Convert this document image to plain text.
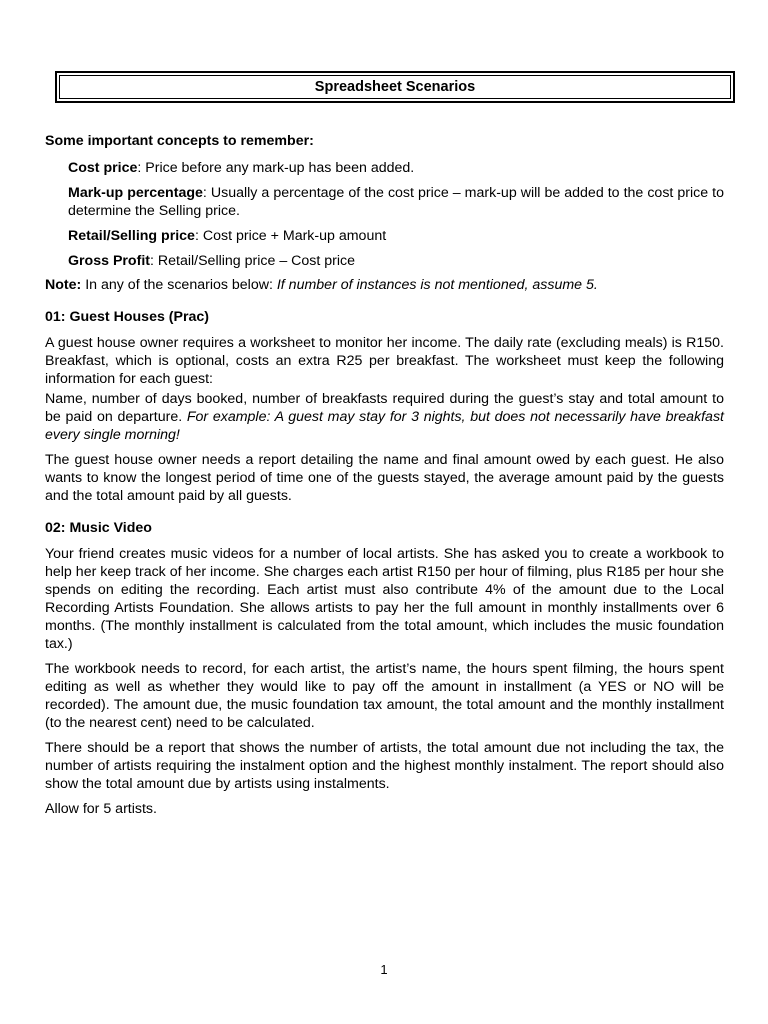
Spreadsheet Scenarios

Some important concepts to remember:

Cost price: Price before any mark-up has been added.

Mark-up percentage: Usually a percentage of the cost price – mark-up will be added to the cost price to determine the Selling price.

Retail/Selling price: Cost price + Mark-up amount

Gross Profit: Retail/Selling price – Cost price

Note: In any of the scenarios below: If number of instances is not mentioned, assume 5.

01: Guest Houses (Prac)

A guest house owner requires a worksheet to monitor her income. The daily rate (excluding meals) is R150. Breakfast, which is optional, costs an extra R25 per breakfast. The worksheet must keep the following information for each guest:

Name, number of days booked, number of breakfasts required during the guest’s stay and total amount to be paid on departure. For example: A guest may stay for 3 nights, but does not necessarily have breakfast every single morning!

The guest house owner needs a report detailing the name and final amount owed by each guest. He also wants to know the longest period of time one of the guests stayed, the average amount paid by the guests and the total amount paid by all guests.

02: Music Video

Your friend creates music videos for a number of local artists. She has asked you to create a workbook to help her keep track of her income. She charges each artist R150 per hour of filming, plus R185 per hour she spends on editing the recording. Each artist must also contribute 4% of the amount due to the Local Recording Artists Foundation. She allows artists to pay her the full amount in monthly installments over 6 months. (The monthly installment is calculated from the total amount, which includes the music foundation tax.)

The workbook needs to record, for each artist, the artist’s name, the hours spent filming, the hours spent editing as well as whether they would like to pay off the amount in installment (a YES or NO will be recorded). The amount due, the music foundation tax amount, the total amount and the monthly installment (to the nearest cent) need to be calculated.

There should be a report that shows the number of artists, the total amount due not including the tax, the number of artists requiring the instalment option and the highest monthly instalment. The report should also show the total amount due by artists using instalments.

Allow for 5 artists.

1
